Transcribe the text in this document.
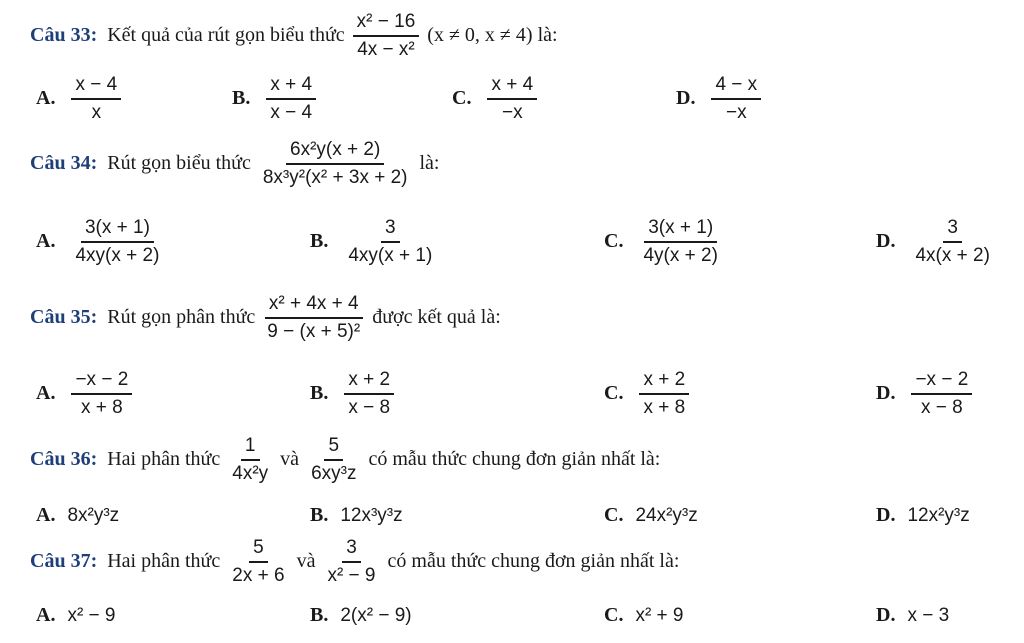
Câu 33: Kết quả của rút gọn biểu thức $\frac{\text{x² − 16}}{\text{4x − x²}} (x \ne 0$, x ≠ 4) là:
A. $\frac{x - 4}{x}$	B. $\frac{x + 4}{x - 4}$	C. $\frac{x + 4}{-x}$	D. $\frac{4 - x}{-x}$
Câu 34: Rút gọn biểu thức $\frac{\text{6x²y(x + 2)}}{\text{8x³y²(x² + 3x + 2)}}$ là:
A. $\frac{3(x + 1)}{4xy(x + 2)}$	B. $\frac{3}{4xy(x + 1)}$	C. $\frac{3(x + 1)}{4y(x + 2)}$	D. $\frac{3}{4x(x + 2)}$
Câu 35: Rút gọn phân thức $\frac{\text{x² + 4x + 4}}{\text{9 − (x + 5)²}}$ được kết quả là:
A. $\frac{-x - 2}{x + 8}$	B. $\frac{x + 2}{x - 8}$	C. $\frac{x + 2}{x + 8}$	D. $\frac{-x - 2}{x - 8}$
Câu 36: Hai phân thức $\frac{1}{\text{4x²y}}$ và $\frac{5}{\text{6xy³z}}$ có mẫu thức chung đơn giản nhất là:
A. 8x²y³z	B. 12x³y³z	C. 24x²y³z	D. 12x²y³z
Câu 37: Hai phân thức $\frac{5}{2x + 6}$ và $\frac{3}{\text{x² − 9}}$ có mẫu thức chung đơn giản nhất là:
A. x² − 9	B. 2(x² − 9)	C. x² + 9	D. x − 3
